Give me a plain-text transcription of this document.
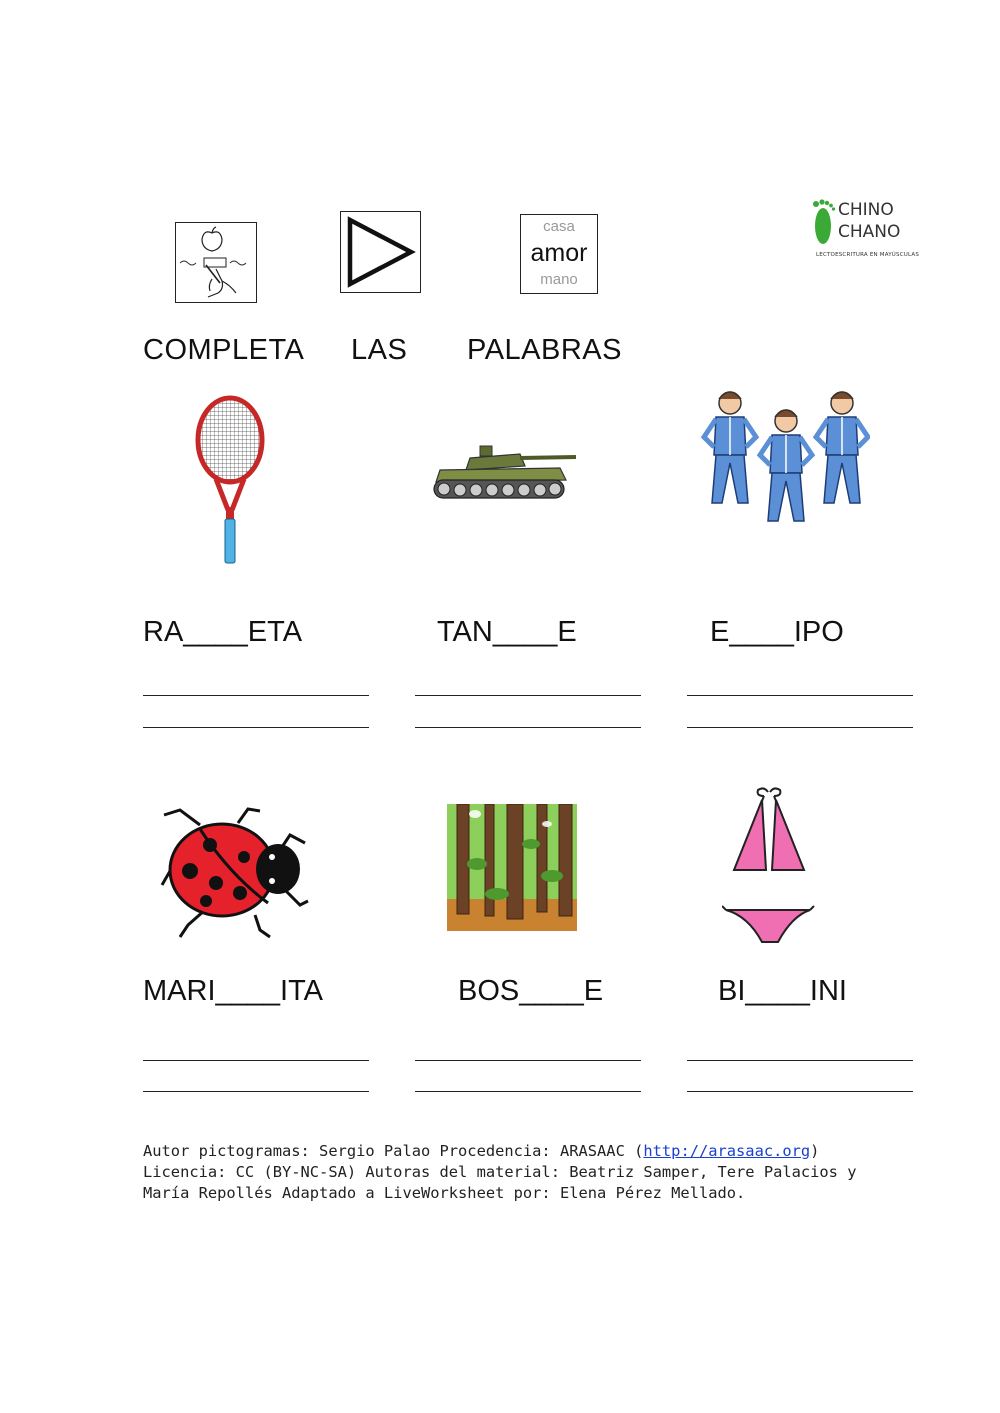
casa
amor
mano
CHINO
CHANO
LECTOESCRITURA EN MAYÚSCULAS
COMPLETA LAS PALABRAS
RA____ETA	TAN____E	E____IPO
MARI____ITA	BOS____E	BI____INI
Autor pictogramas: Sergio Palao Procedencia: ARASAAC (http://arasaac.org)
Licencia: CC (BY-NC-SA) Autoras del material: Beatriz Samper, Tere Palacios y
María Repollés Adaptado a LiveWorksheet por: Elena Pérez Mellado.
